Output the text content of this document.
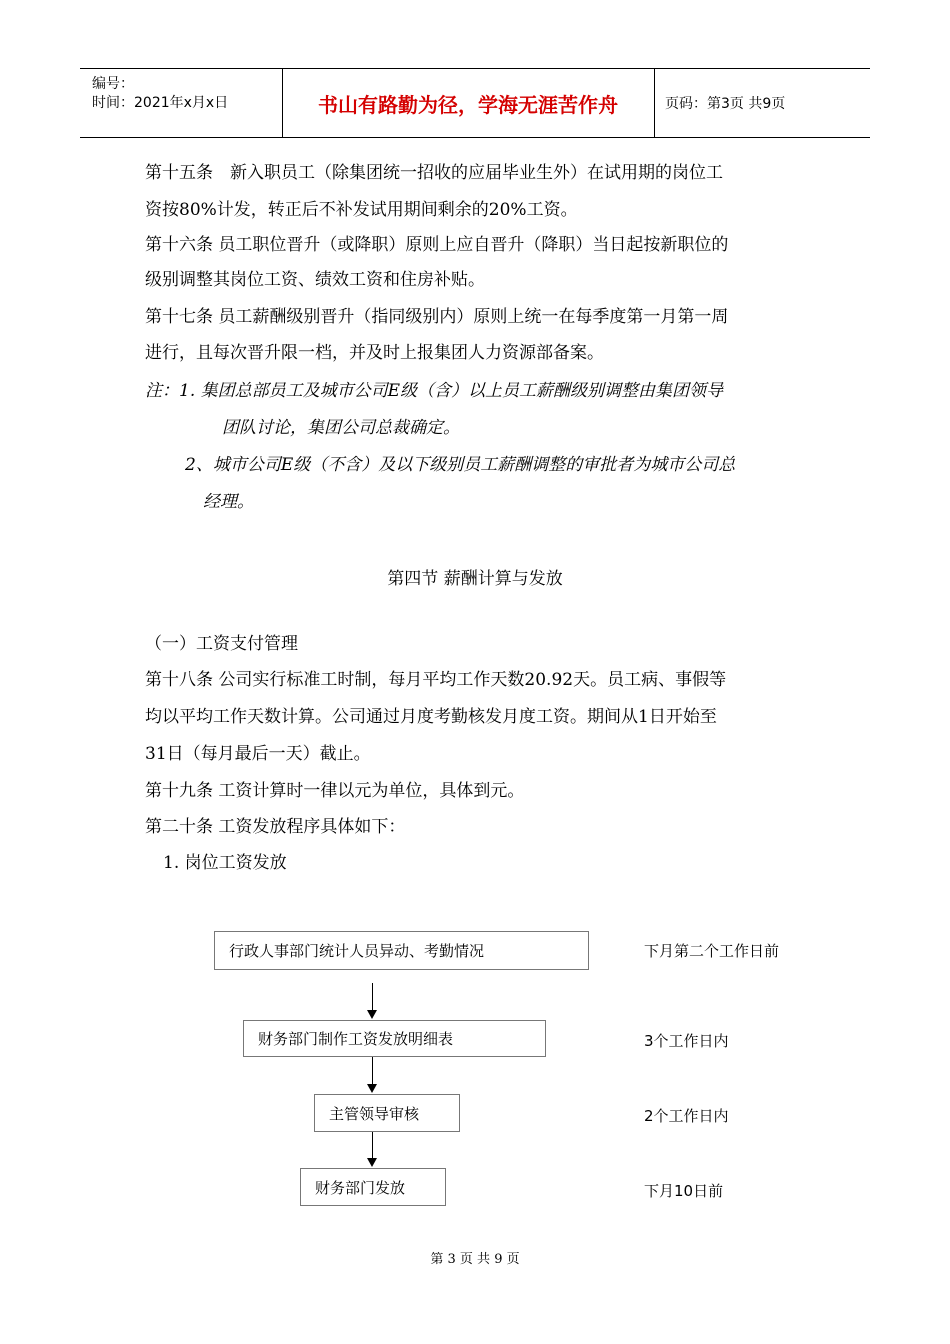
编号：
时间：2021年x月x日	书山有路勤为径，学海无涯苦作舟	页码：第3页 共9页
第十五条　新入职员工（除集团统一招收的应届毕业生外）在试用期的岗位工
资按80%计发，转正后不补发试用期间剩余的20%工资。
第十六条 员工职位晋升（或降职）原则上应自晋升（降职）当日起按新职位的
级别调整其岗位工资、绩效工资和住房补贴。
第十七条 员工薪酬级别晋升（指同级别内）原则上统一在每季度第一月第一周
进行，且每次晋升限一档，并及时上报集团人力资源部备案。
注：1. 集团总部员工及城市公司E级（含）以上员工薪酬级别调整由集团领导
团队讨论，集团公司总裁确定。
2、城市公司E级（不含）及以下级别员工薪酬调整的审批者为城市公司总
经理。
第四节 薪酬计算与发放
（一）工资支付管理
第十八条 公司实行标准工时制，每月平均工作天数20.92天。员工病、事假等
均以平均工作天数计算。公司通过月度考勤核发月度工资。期间从1日开始至
31日（每月最后一天）截止。
第十九条 工资计算时一律以元为单位，具体到元。
第二十条 工资发放程序具体如下：
1. 岗位工资发放
行政人事部门统计人员异动、考勤情况	下月第二个工作日前
财务部门制作工资发放明细表	3个工作日内
主管领导审核	2个工作日内
财务部门发放	下月10日前
第 3 页 共 9 页
